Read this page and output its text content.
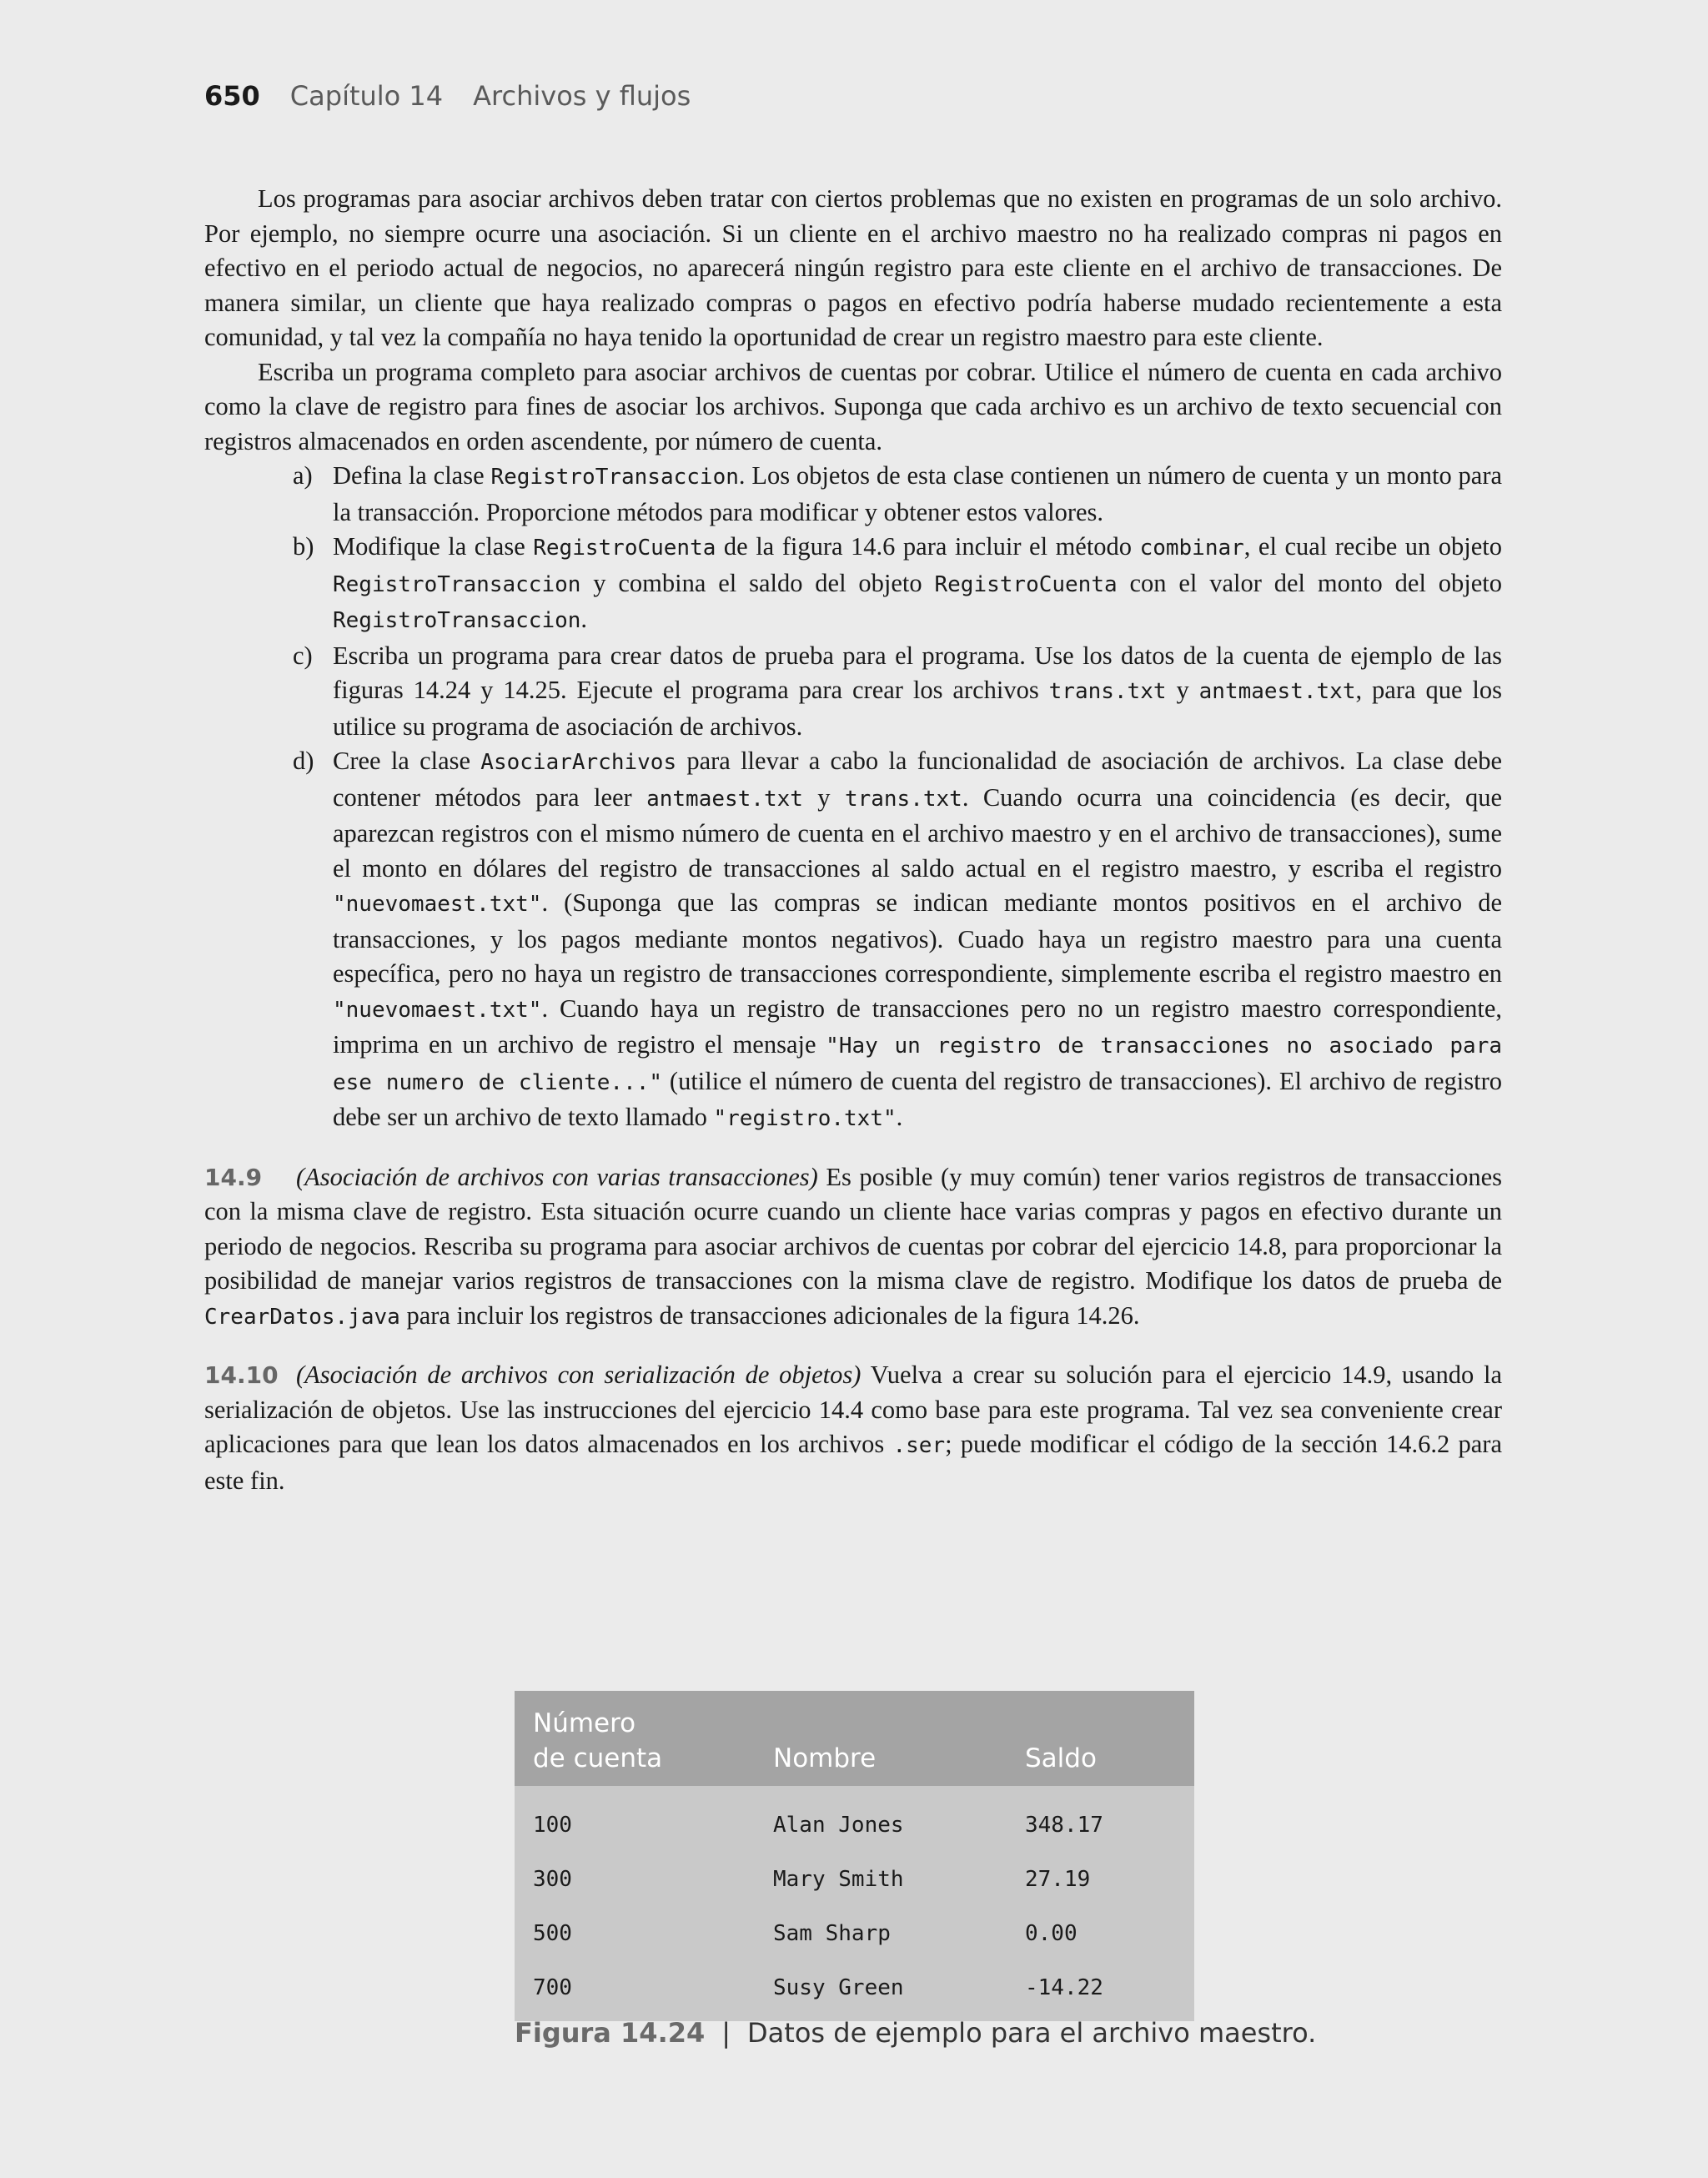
650 Capítulo 14 Archivos y flujos

Los programas para asociar archivos deben tratar con ciertos problemas que no existen en programas de un solo archivo. Por ejemplo, no siempre ocurre una asociación. Si un cliente en el archivo maestro no ha realizado compras ni pagos en efectivo en el periodo actual de negocios, no aparecerá ningún registro para este cliente en el archivo de transacciones. De manera similar, un cliente que haya realizado compras o pagos en efectivo podría haberse mudado recientemente a esta comunidad, y tal vez la compañía no haya tenido la oportunidad de crear un registro maestro para este cliente.

Escriba un programa completo para asociar archivos de cuentas por cobrar. Utilice el número de cuenta en cada archivo como la clave de registro para fines de asociar los archivos. Suponga que cada archivo es un archivo de texto secuencial con registros almacenados en orden ascendente, por número de cuenta.

a) Defina la clase RegistroTransaccion. Los objetos de esta clase contienen un número de cuenta y un monto para la transacción. Proporcione métodos para modificar y obtener estos valores.
b) Modifique la clase RegistroCuenta de la figura 14.6 para incluir el método combinar, el cual recibe un objeto RegistroTransaccion y combina el saldo del objeto RegistroCuenta con el valor del monto del objeto RegistroTransaccion.
c) Escriba un programa para crear datos de prueba para el programa. Use los datos de la cuenta de ejemplo de las figuras 14.24 y 14.25. Ejecute el programa para crear los archivos trans.txt y antmaest.txt, para que los utilice su programa de asociación de archivos.
d) Cree la clase AsociarArchivos para llevar a cabo la funcionalidad de asociación de archivos. La clase debe contener métodos para leer antmaest.txt y trans.txt. Cuando ocurra una coincidencia (es decir, que aparezcan registros con el mismo número de cuenta en el archivo maestro y en el archivo de transacciones), sume el monto en dólares del registro de transacciones al saldo actual en el registro maestro, y escriba el registro "nuevomaest.txt". (Suponga que las compras se indican mediante montos positivos en el archivo de transacciones, y los pagos mediante montos negativos). Cuado haya un registro maestro para una cuenta específica, pero no haya un registro de transacciones correspondiente, simplemente escriba el registro maestro en "nuevomaest.txt". Cuando haya un registro de transacciones pero no un registro maestro correspondiente, imprima en un archivo de registro el mensaje "Hay un registro de transacciones no asociado para ese numero de cliente..." (utilice el número de cuenta del registro de transacciones). El archivo de registro debe ser un archivo de texto llamado "registro.txt".

14.9 (Asociación de archivos con varias transacciones) Es posible (y muy común) tener varios registros de transacciones con la misma clave de registro. Esta situación ocurre cuando un cliente hace varias compras y pagos en efectivo durante un periodo de negocios. Rescriba su programa para asociar archivos de cuentas por cobrar del ejercicio 14.8, para proporcionar la posibilidad de manejar varios registros de transacciones con la misma clave de registro. Modifique los datos de prueba de CrearDatos.java para incluir los registros de transacciones adicionales de la figura 14.26.

14.10 (Asociación de archivos con serialización de objetos) Vuelva a crear su solución para el ejercicio 14.9, usando la serialización de objetos. Use las instrucciones del ejercicio 14.4 como base para este programa. Tal vez sea conveniente crear aplicaciones para que lean los datos almacenados en los archivos .ser; puede modificar el código de la sección 14.6.2 para este fin.

Número
de cuenta	Nombre	Saldo
100	Alan Jones	348.17
300	Mary Smith	27.19
500	Sam Sharp	0.00
700	Susy Green	-14.22
Figura 14.24 | Datos de ejemplo para el archivo maestro.
